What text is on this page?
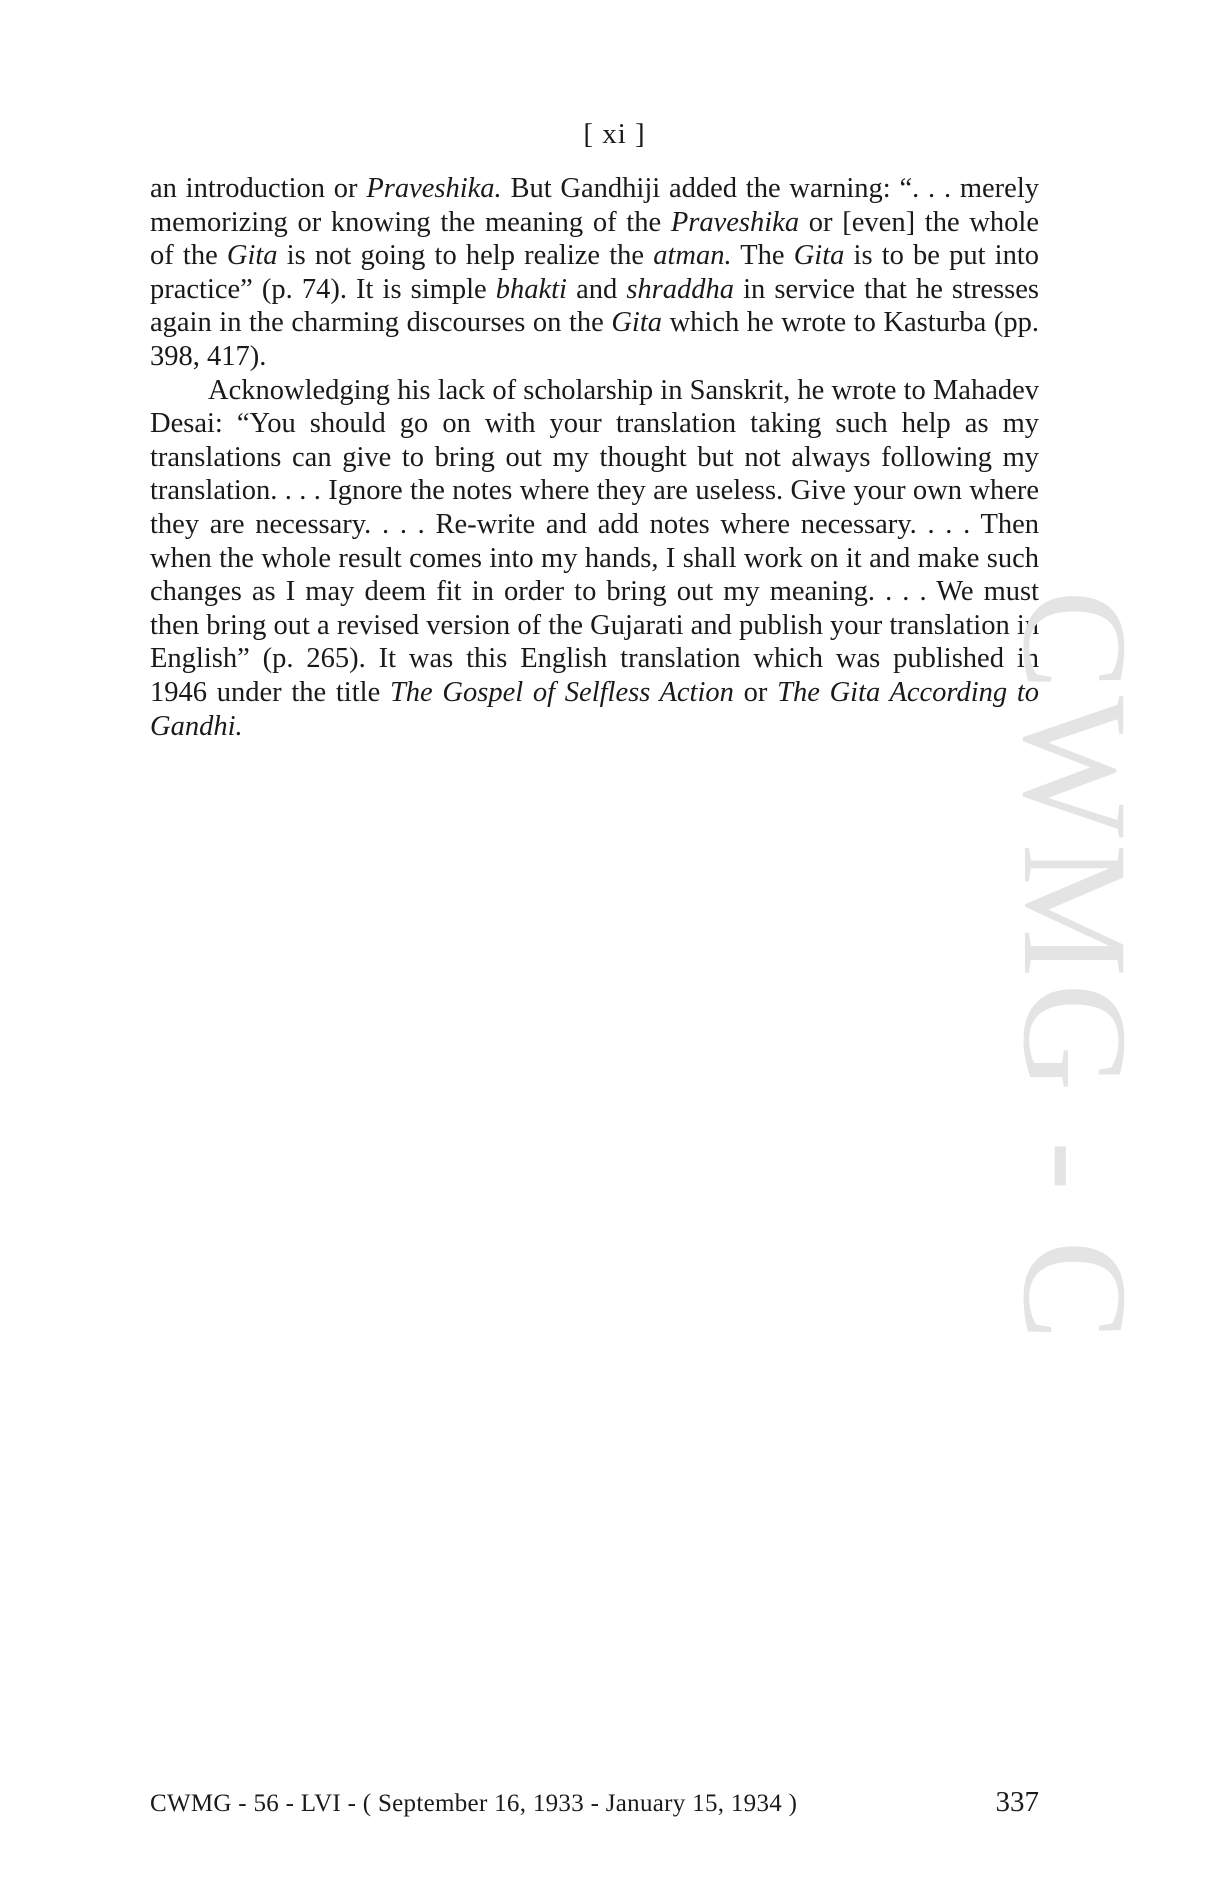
[ xi ]

an introduction or Praveshika. But Gandhiji added the warning: “. . . merely memorizing or knowing the meaning of the Praveshika or [even] the whole of the Gita is not going to help realize the atman. The Gita is to be put into practice” (p. 74). It is simple bhakti and shraddha in service that he stresses again in the charming discourses on the Gita which he wrote to Kasturba (pp. 398, 417).

Acknowledging his lack of scholarship in Sanskrit, he wrote to Mahadev Desai: “You should go on with your translation taking such help as my translations can give to bring out my thought but not always following my translation. . . . Ignore the notes where they are useless. Give your own where they are necessary. . . . Re-write and add notes where necessary. . . . Then when the whole result comes into my hands, I shall work on it and make such changes as I may deem fit in order to bring out my meaning. . . . We must then bring out a revised version of the Gujarati and publish your translation in English” (p. 265). It was this English translation which was published in 1946 under the title The Gospel of Selfless Action or The Gita According to Gandhi.	CWMG - C
CWMG - 56 - LVI - ( September 16, 1933 - January 15, 1934 )	337
